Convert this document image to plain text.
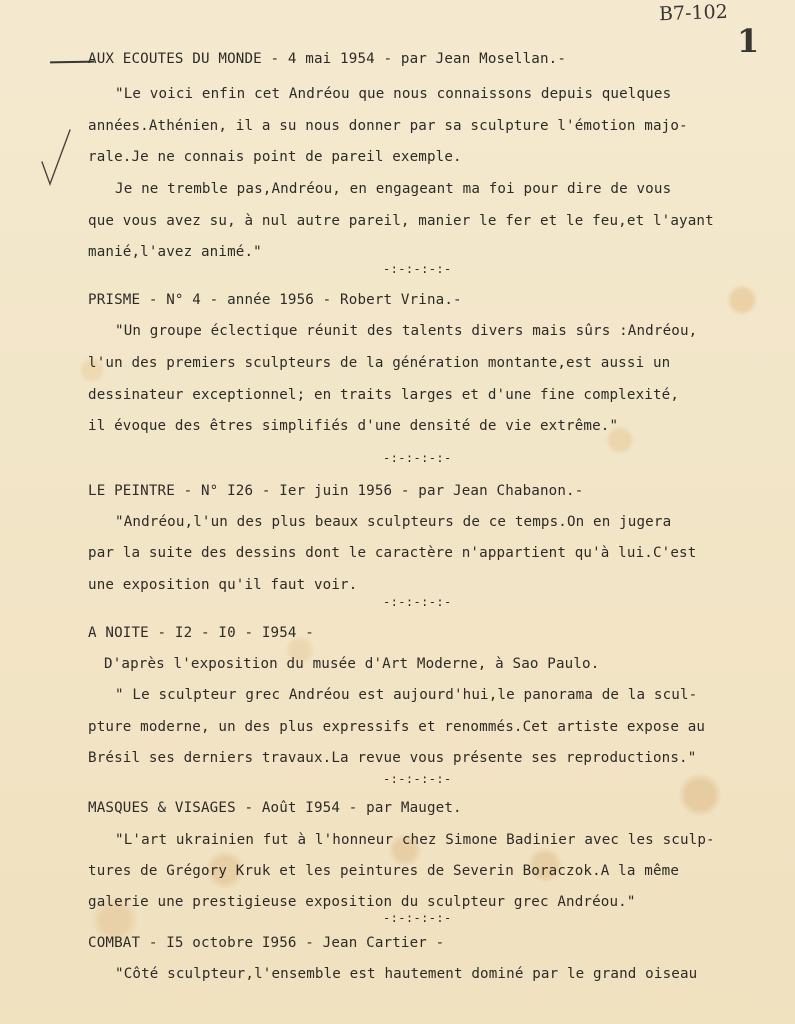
B7-102
1
AUX ECOUTES DU MONDE - 4 mai 1954 - par Jean Mosellan.-
"Le voici enfin cet Andréou que nous connaissons depuis quelques
années.Athénien, il a su nous donner par sa sculpture l'émotion majo-
rale.Je ne connais point de pareil exemple.
Je ne tremble pas,Andréou, en engageant ma foi pour dire de vous
que vous avez su, à nul autre pareil, manier le fer et le feu,et l'ayant
manié,l'avez animé."
-:-:-:-:-
PRISME - N° 4 - année 1956 - Robert Vrina.-
"Un groupe éclectique réunit des talents divers mais sûrs :Andréou,
l'un des premiers sculpteurs de la génération montante,est aussi un
dessinateur exceptionnel; en traits larges et d'une fine complexité,
il évoque des êtres simplifiés d'une densité de vie extrême."
-:-:-:-:-
LE PEINTRE - N° I26 - Ier juin 1956 - par Jean Chabanon.-
"Andréou,l'un des plus beaux sculpteurs de ce temps.On en jugera
par la suite des dessins dont le caractère n'appartient qu'à lui.C'est
une exposition qu'il faut voir.
-:-:-:-:-
A NOITE - I2 - I0 - I954 -
D'après l'exposition du musée d'Art Moderne, à Sao Paulo.
" Le sculpteur grec Andréou est aujourd'hui,le panorama de la scul-
pture moderne, un des plus expressifs et renommés.Cet artiste expose au
Brésil ses derniers travaux.La revue vous présente ses reproductions."
-:-:-:-:-
MASQUES & VISAGES - Août I954 - par Mauget.
"L'art ukrainien fut à l'honneur chez Simone Badinier avec les sculp-
tures de Grégory Kruk et les peintures de Severin Boraczok.A la même
galerie une prestigieuse exposition du sculpteur grec Andréou."
-:-:-:-:-
COMBAT - I5 octobre I956 - Jean Cartier -
"Côté sculpteur,l'ensemble est hautement dominé par le grand oiseau
